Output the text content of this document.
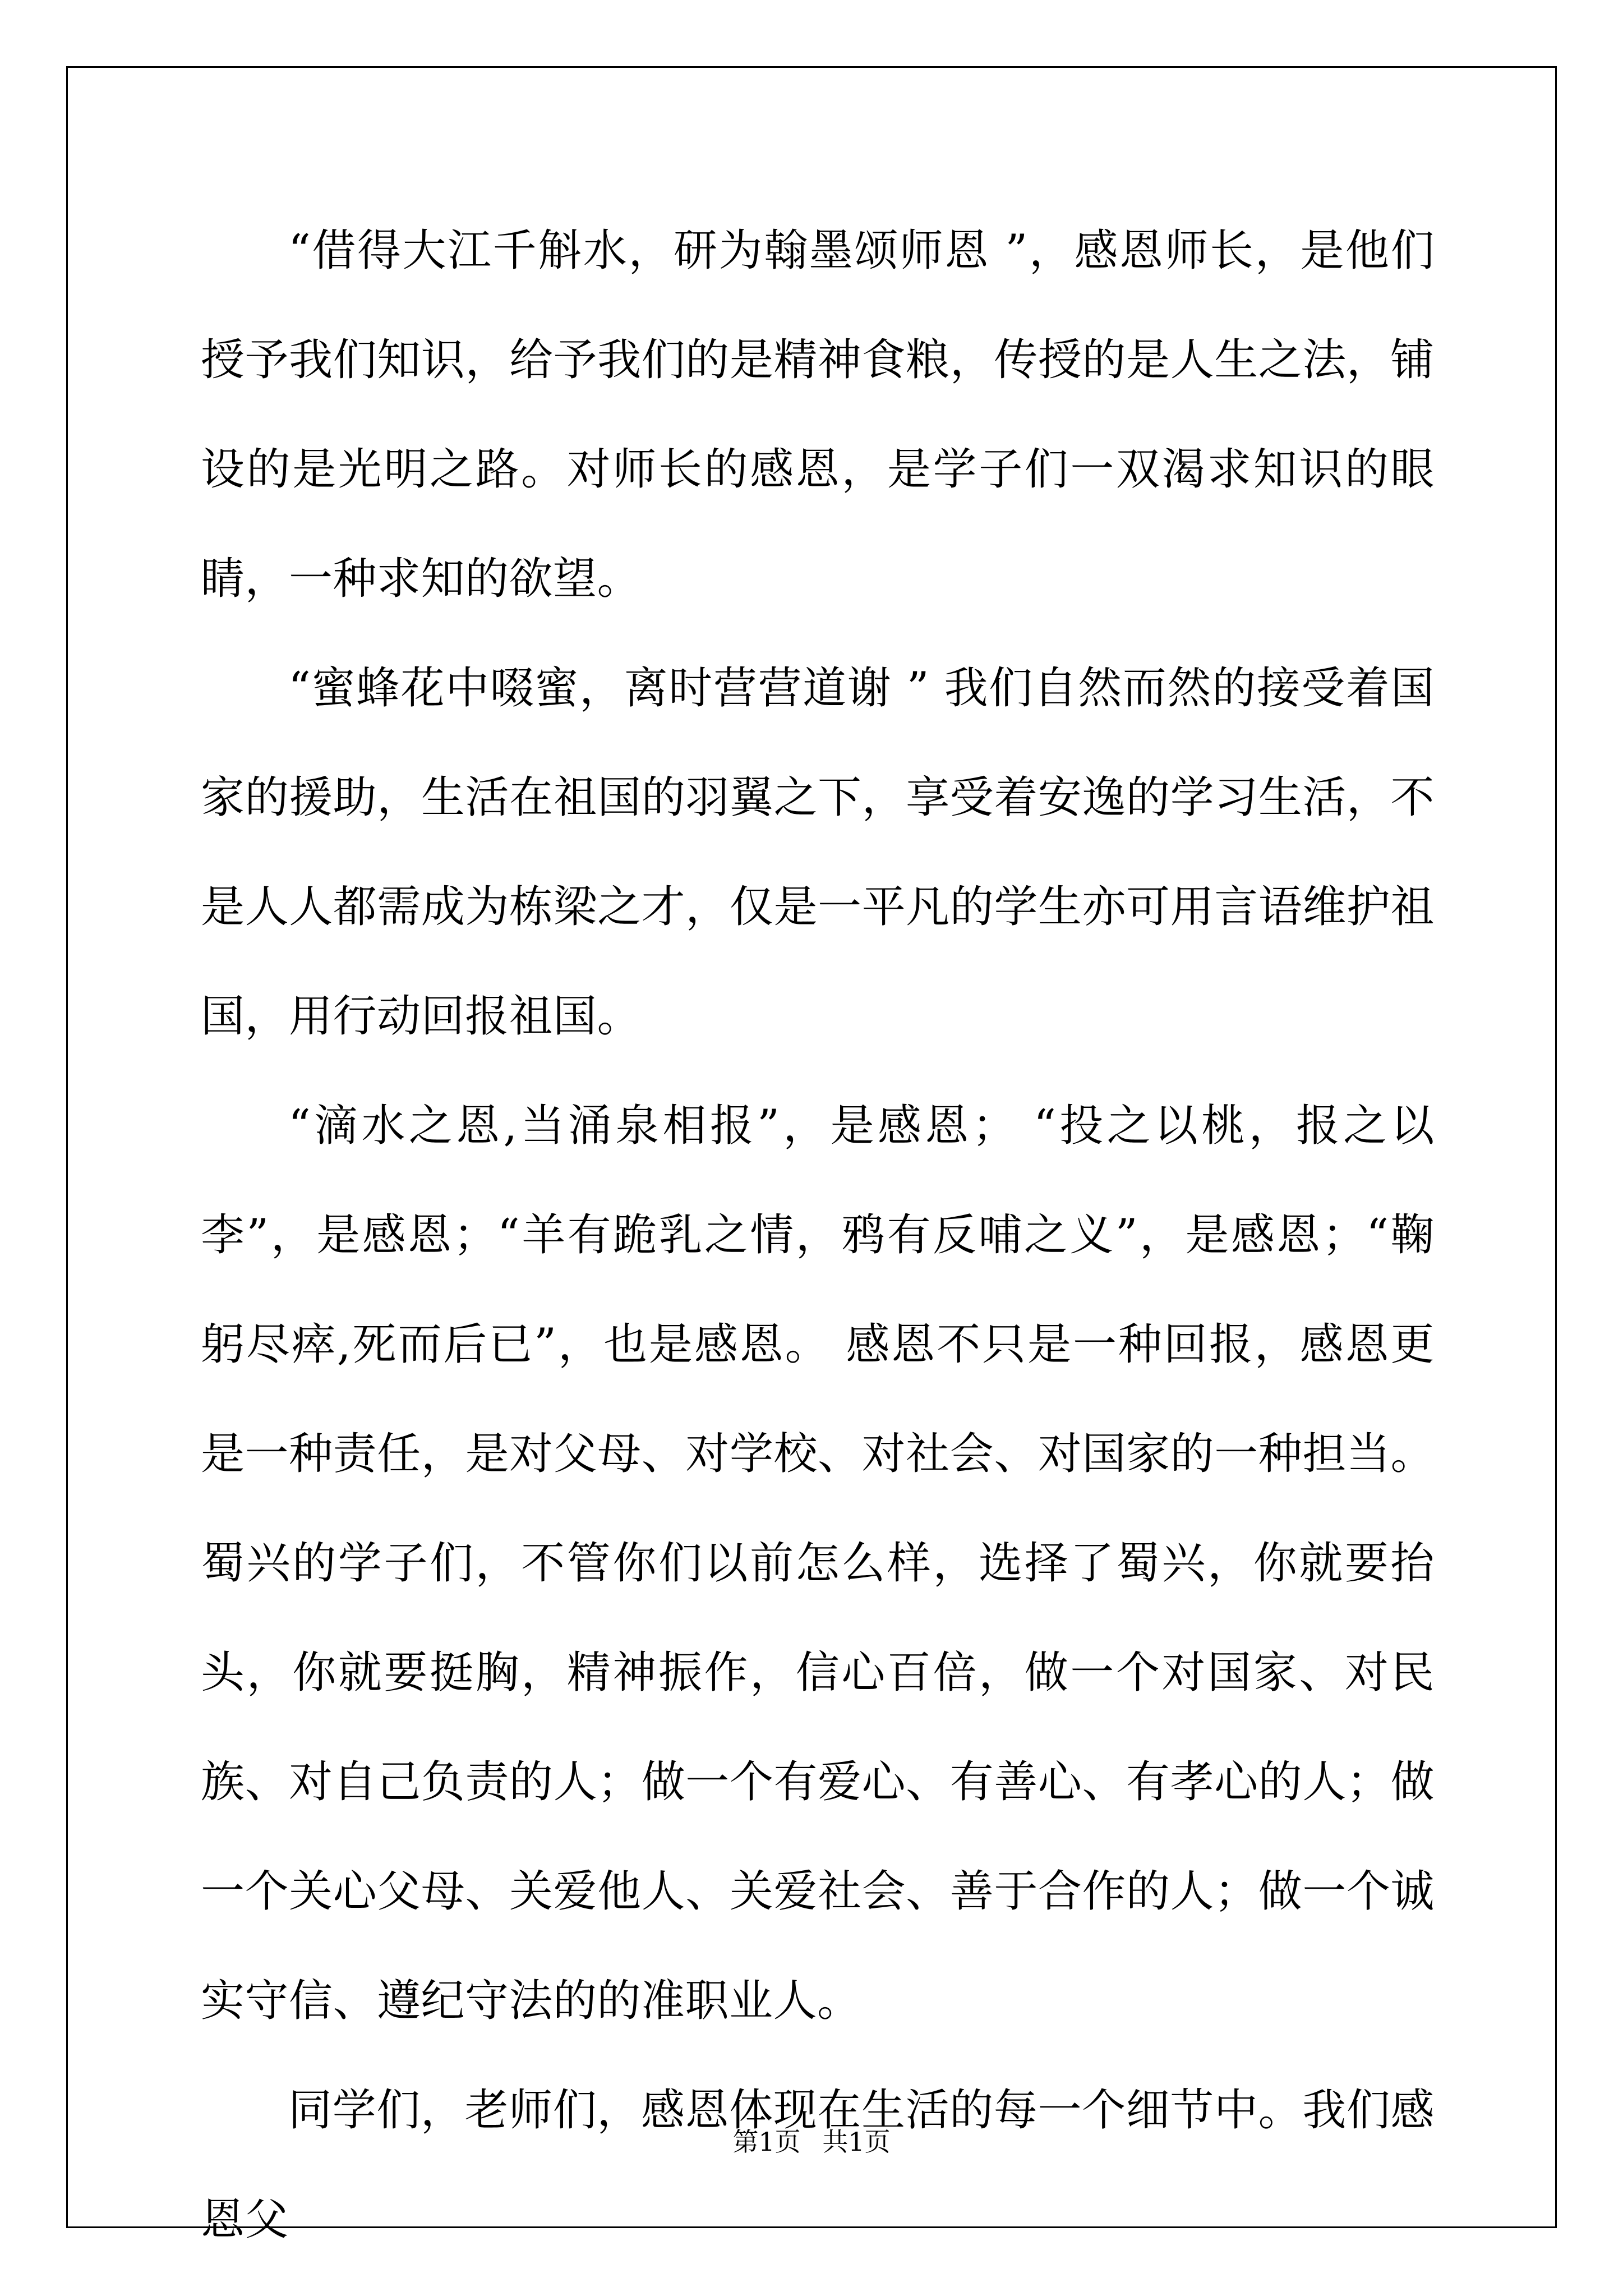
“借得大江千斛水，研为翰墨颂师恩 ”，感恩师长，是他们授予我们知识，给予我们的是精神食粮，传授的是人生之法，铺设的是光明之路。对师长的感恩，是学子们一双渴求知识的眼睛，一种求知的欲望。

“蜜蜂花中啜蜜，离时营营道谢 ” 我们自然而然的接受着国家的援助，生活在祖国的羽翼之下，享受着安逸的学习生活，不是人人都需成为栋梁之才，仅是一平凡的学生亦可用言语维护祖国，用行动回报祖国。

“滴水之恩,当涌泉相报”，是感恩； “投之以桃，报之以李”，是感恩；“羊有跪乳之情，鸦有反哺之义”，是感恩；“鞠躬尽瘁,死而后已”，也是感恩。 感恩不只是一种回报，感恩更是一种责任，是对父母、对学校、对社会、对国家的一种担当。蜀兴的学子们，不管你们以前怎么样，选择了蜀兴，你就要抬头，你就要挺胸，精神振作，信心百倍，做一个对国家、对民族、对自己负责的人；做一个有爱心、有善心、有孝心的人；做一个关心父母、关爱他人、关爱社会、善于合作的人；做一个诚实守信、遵纪守法的的准职业人。

同学们，老师们，感恩体现在生活的每一个细节中。我们感恩父

第1页 共1页
